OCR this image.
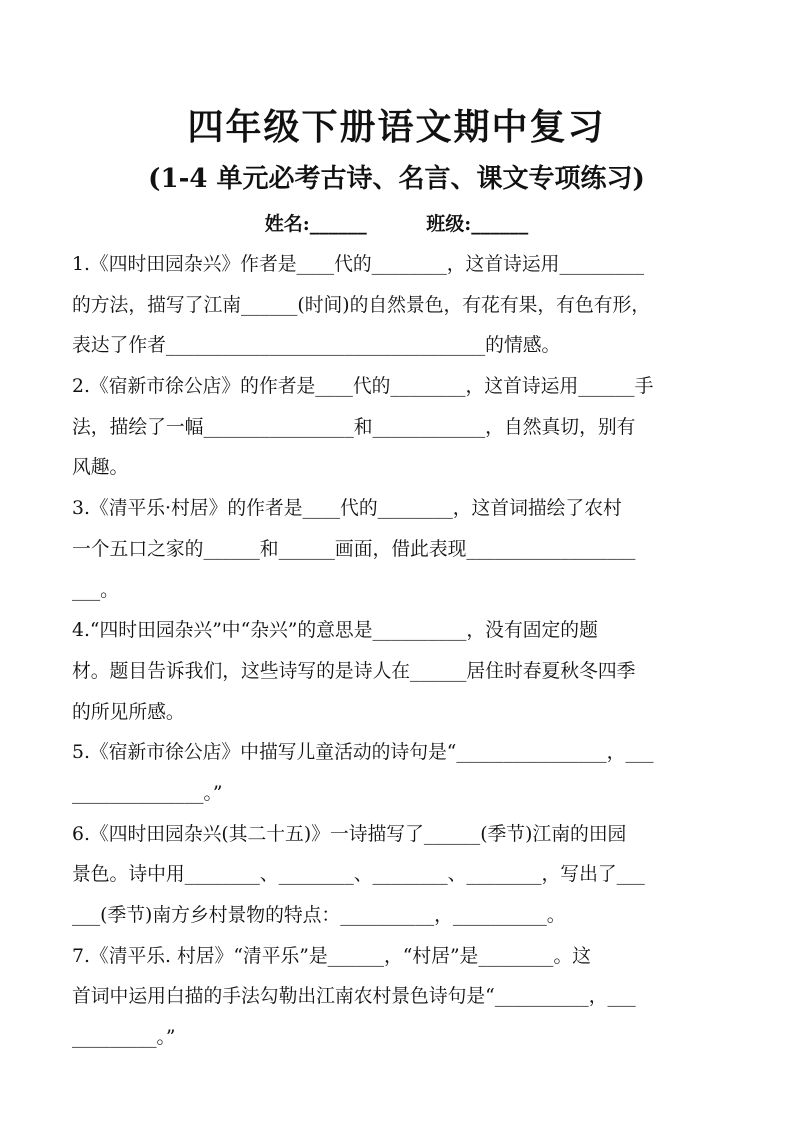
四年级下册语文期中复习
(1-4 单元必考古诗、名言、课文专项练习)
姓名:______         班级:______
1.《四时田园杂兴》作者是____代的________，这首诗运用_________
的方法，描写了江南______(时间)的自然景色，有花有果，有色有形，
表达了作者__________________________________的情感。
2.《宿新市徐公店》的作者是____代的________，这首诗运用______手
法，描绘了一幅________________和____________，自然真切，别有
风趣。
3.《清平乐·村居》的作者是____代的________，这首词描绘了农村
一个五口之家的______和______画面，借此表现__________________
___。
4.“四时田园杂兴”中“杂兴”的意思是__________，没有固定的题
材。题目告诉我们，这些诗写的是诗人在______居住时春夏秋冬四季
的所见所感。
5.《宿新市徐公店》中描写儿童活动的诗句是“________________，___
______________。”
6.《四时田园杂兴(其二十五)》一诗描写了______(季节)江南的田园
景色。诗中用________、________、________、________，写出了___
___(季节)南方乡村景物的特点：__________，__________。
7.《清平乐. 村居》“清平乐”是______，“村居”是________。这
首词中运用白描的手法勾勒出江南农村景色诗句是“__________，___
_________。”
